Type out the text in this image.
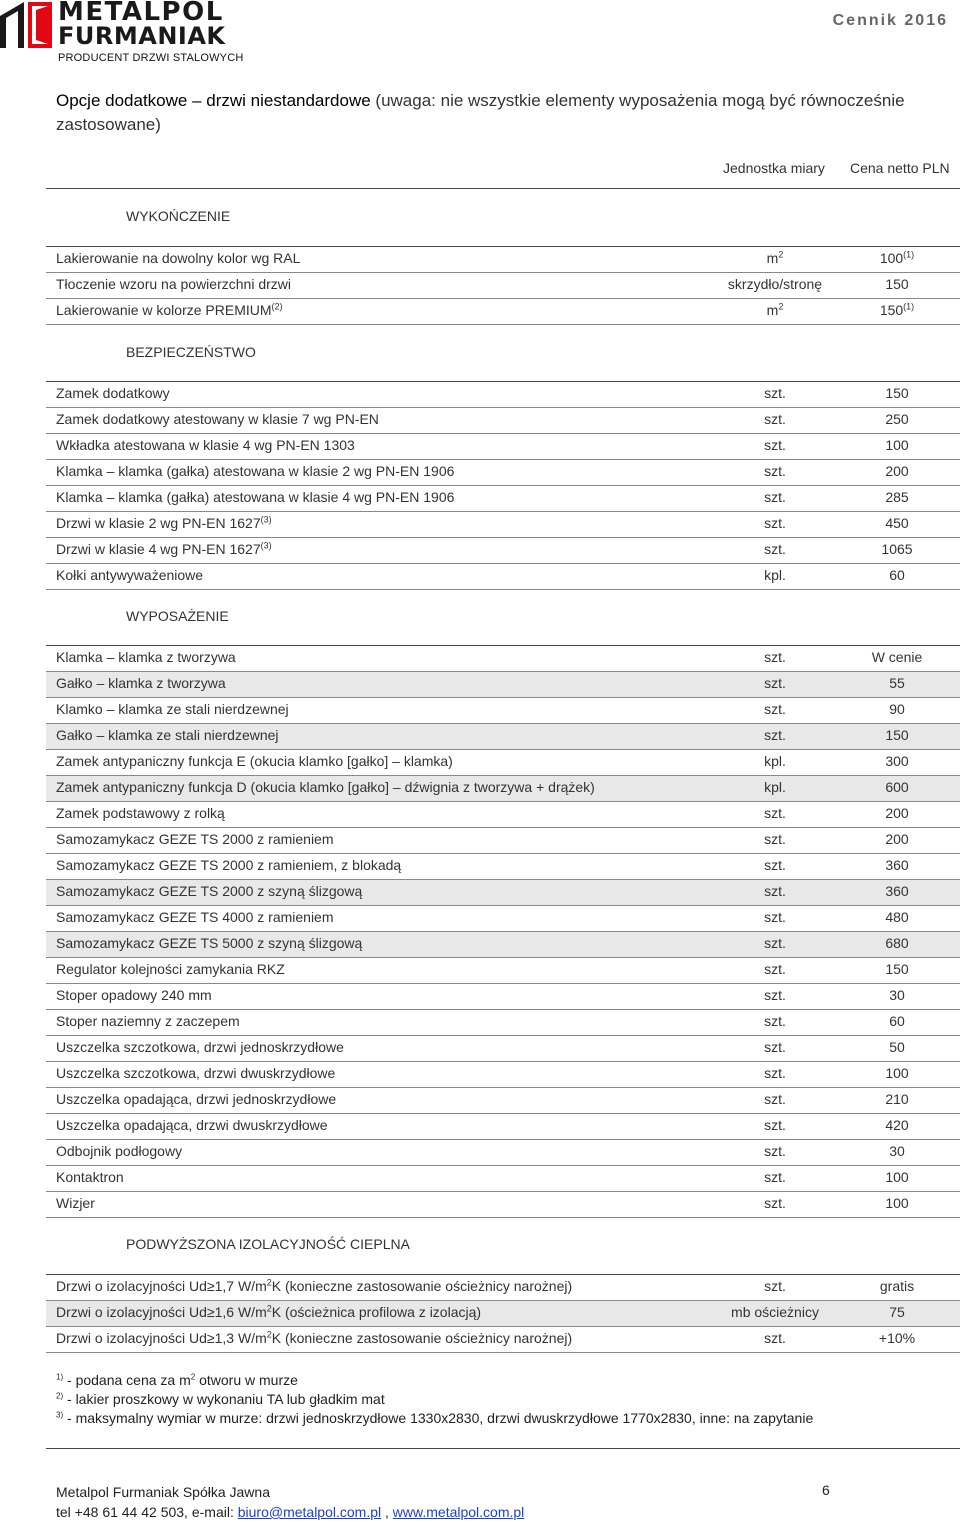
METALPOL
FURMANIAK
PRODUCENT DRZWI STALOWYCH
Cennik 2016
Opcje dodatkowe – drzwi niestandardowe (uwaga: nie wszystkie elementy wyposażenia mogą być równocześnie zastosowane)
Jednostka miary Cena netto PLN
WYKOŃCZENIE
Lakierowanie na dowolny kolor wg RAL	$m^2$	100$^{(1)}$
Tłoczenie wzoru na powierzchni drzwi	skrzydło/stronę	150
Lakierowanie w kolorze PREMIUM$^{(2)}$	$m^2$	150$^{(1)}$
BEZPIECZEŃSTWO
Zamek dodatkowy	szt.	150
Zamek dodatkowy atestowany w klasie 7 wg PN-EN	szt.	250
Wkładka atestowana w klasie 4 wg PN-EN 1303	szt.	100
Klamka – klamka (gałka) atestowana w klasie 2 wg PN-EN 1906	szt.	200
Klamka – klamka (gałka) atestowana w klasie 4 wg PN-EN 1906	szt.	285
Drzwi w klasie 2 wg PN-EN 1627$^{(3)}$	szt.	450
Drzwi w klasie 4 wg PN-EN 1627$^{(3)}$	szt.	1065
Kołki antywyważeniowe	kpl.	60
WYPOSAŻENIE
Klamka – klamka z tworzywa	szt.	W cenie
Gałko – klamka z tworzywa	szt.	55
Klamko – klamka ze stali nierdzewnej	szt.	90
Gałko – klamka ze stali nierdzewnej	szt.	150
Zamek antypaniczny funkcja E (okucia klamko [gałko] – klamka)	kpl.	300
Zamek antypaniczny funkcja D (okucia klamko [gałko] – dźwignia z tworzywa + drążek)	kpl.	600
Zamek podstawowy z rolką	szt.	200
Samozamykacz GEZE TS 2000 z ramieniem	szt.	200
Samozamykacz GEZE TS 2000 z ramieniem, z blokadą	szt.	360
Samozamykacz GEZE TS 2000 z szyną ślizgową	szt.	360
Samozamykacz GEZE TS 4000 z ramieniem	szt.	480
Samozamykacz GEZE TS 5000 z szyną ślizgową	szt.	680
Regulator kolejności zamykania RKZ	szt.	150
Stoper opadowy 240 mm	szt.	30
Stoper naziemny z zaczepem	szt.	60
Uszczelka szczotkowa, drzwi jednoskrzydłowe	szt.	50
Uszczelka szczotkowa, drzwi dwuskrzydłowe	szt.	100
Uszczelka opadająca, drzwi jednoskrzydłowe	szt.	210
Uszczelka opadająca, drzwi dwuskrzydłowe	szt.	420
Odbojnik podłogowy	szt.	30
Kontaktron	szt.	100
Wizjer	szt.	100
PODWYŻSZONA IZOLACYJNOŚĆ CIEPLNA
Drzwi o izolacyjności Ud≥1,7 $W/m^2K$ (konieczne zastosowanie ościeżnicy narożnej)	szt.	gratis
Drzwi o izolacyjności Ud≥1,6 $W/m^2K$ (ościeżnica profilowa z izolacją)	mb ościeżnicy	75
Drzwi o izolacyjności Ud≥1,3 $W/m^2K$ (konieczne zastosowanie ościeżnicy narożnej)	szt.	+10%
$^{1)}$ - podana cena za $m^2$ otworu w murze
$^{2)}$ - lakier proszkowy w wykonaniu TA lub gładkim mat
$^{3)}$ - maksymalny wymiar w murze: drzwi jednoskrzydłowe 1330x2830, drzwi dwuskrzydłowe 1770x2830, inne: na zapytanie
Metalpol Furmaniak Spółka Jawna
tel +48 61 44 42 503, e-mail: biuro@metalpol.com.pl , www.metalpol.com.pl
6
